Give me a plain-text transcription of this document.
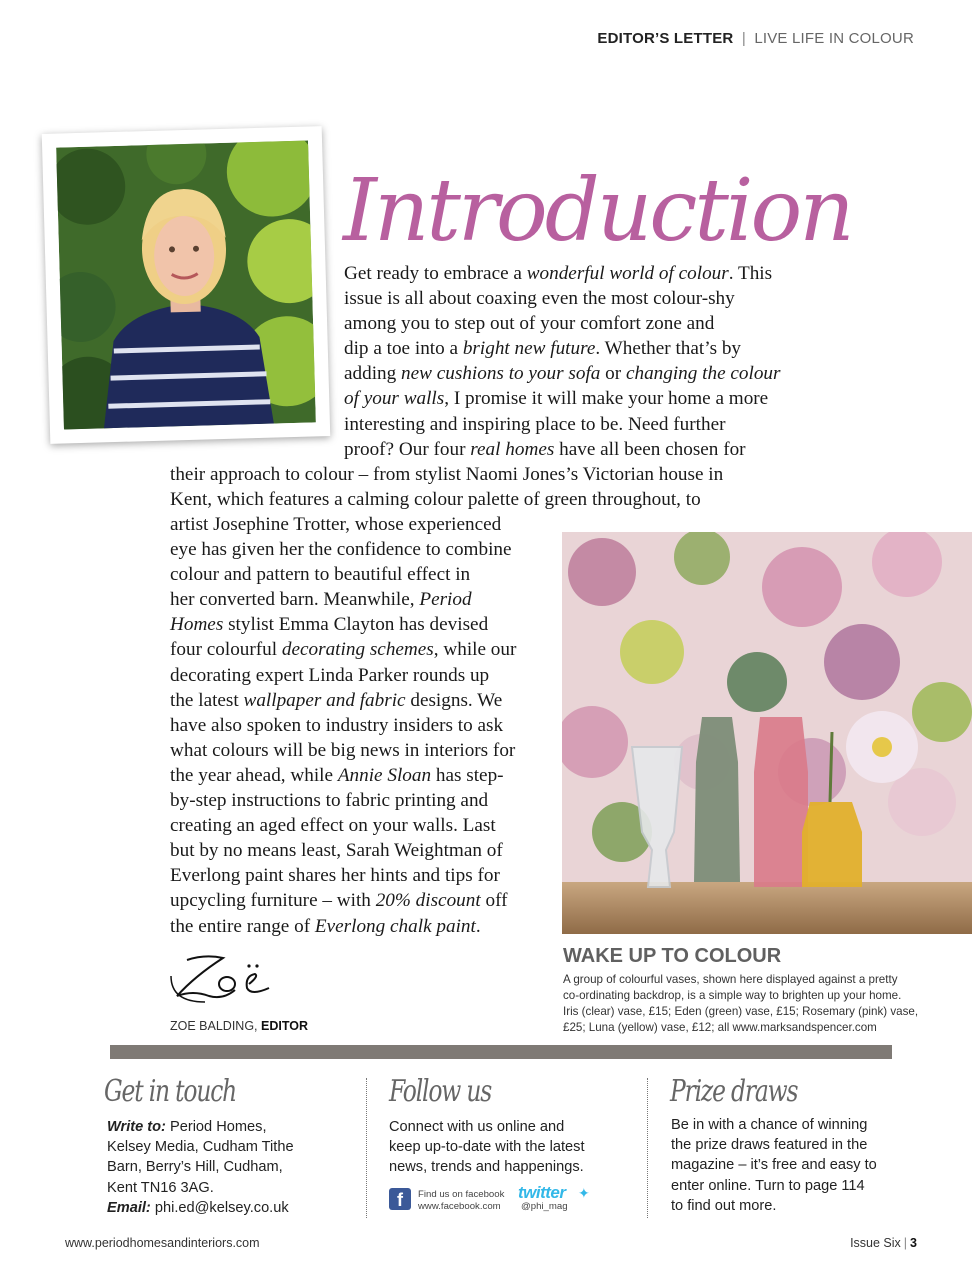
EDITOR’S LETTER | LIVE LIFE IN COLOUR
Introduction
Get ready to embrace a wonderful world of colour. This
issue is all about coaxing even the most colour-shy
among you to step out of your comfort zone and
dip a toe into a bright new future. Whether that’s by
adding new cushions to your sofa or changing the colour
of your walls, I promise it will make your home a more
interesting and inspiring place to be. Need further
proof? Our four real homes have all been chosen for
their approach to colour – from stylist Naomi Jones’s Victorian house in
Kent, which features a calming colour palette of green throughout, to
artist Josephine Trotter, whose experienced
eye has given her the confidence to combine
colour and pattern to beautiful effect in
her converted barn. Meanwhile, Period
Homes stylist Emma Clayton has devised
four colourful decorating schemes, while our
decorating expert Linda Parker rounds up
the latest wallpaper and fabric designs. We
have also spoken to industry insiders to ask
what colours will be big news in interiors for
the year ahead, while Annie Sloan has step-
by-step instructions to fabric printing and
creating an aged effect on your walls. Last
but by no means least, Sarah Weightman of
Everlong paint shares her hints and tips for
upcycling furniture – with 20% discount off
the entire range of Everlong chalk paint.
WAKE UP TO COLOUR
A group of colourful vases, shown here displayed against a pretty
co-ordinating backdrop, is a simple way to brighten up your home.
Iris (clear) vase, £15; Eden (green) vase, £15; Rosemary (pink) vase,
£25; Luna (yellow) vase, £12; all www.marksandspencer.com
ZOE BALDING, EDITOR
Get in touch
Write to: Period Homes,
Kelsey Media, Cudham Tithe
Barn, Berry’s Hill, Cudham,
Kent TN16 3AG.
Email: phi.ed@kelsey.co.uk
Follow us
Connect with us online and
keep up-to-date with the latest
news, trends and happenings.
f	Find us on facebook
www.facebook.com
twitter ✦
@phi_mag
Prize draws
Be in with a chance of winning
the prize draws featured in the
magazine – it’s free and easy to
enter online. Turn to page 114
to find out more.
www.periodhomesandinteriors.com	Issue Six | 3
